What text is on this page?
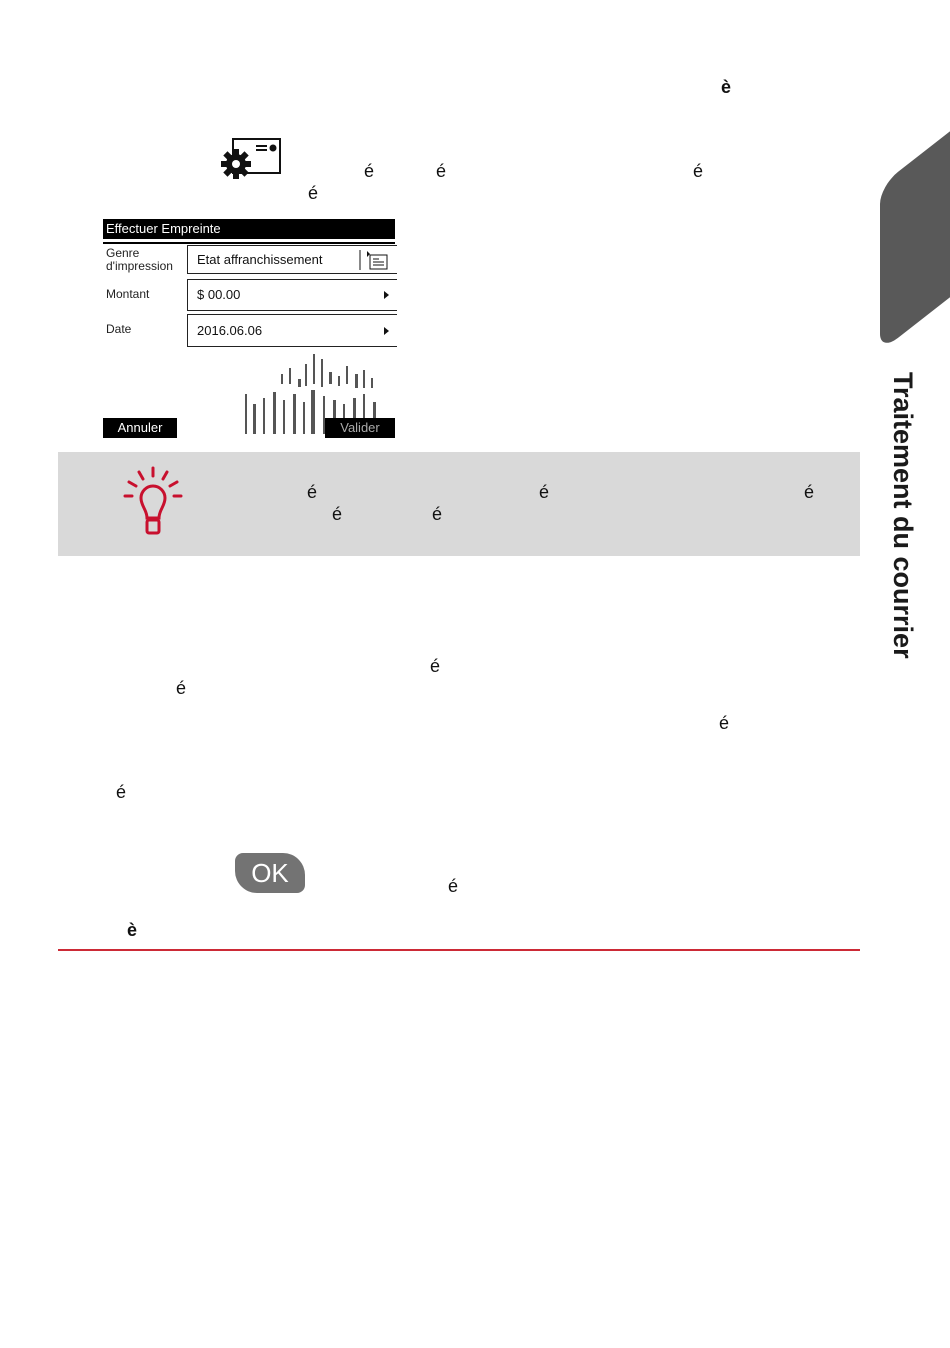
Traitement du courrier
è
é	é	é
é
Effectuer Empreinte
Genre
d'impression	Etat affranchissement
Montant	$ 00.00
Date	2016.06.06
Annuler	Valider
é	é	é
é	é
é
é
é
é
OK	é
è
